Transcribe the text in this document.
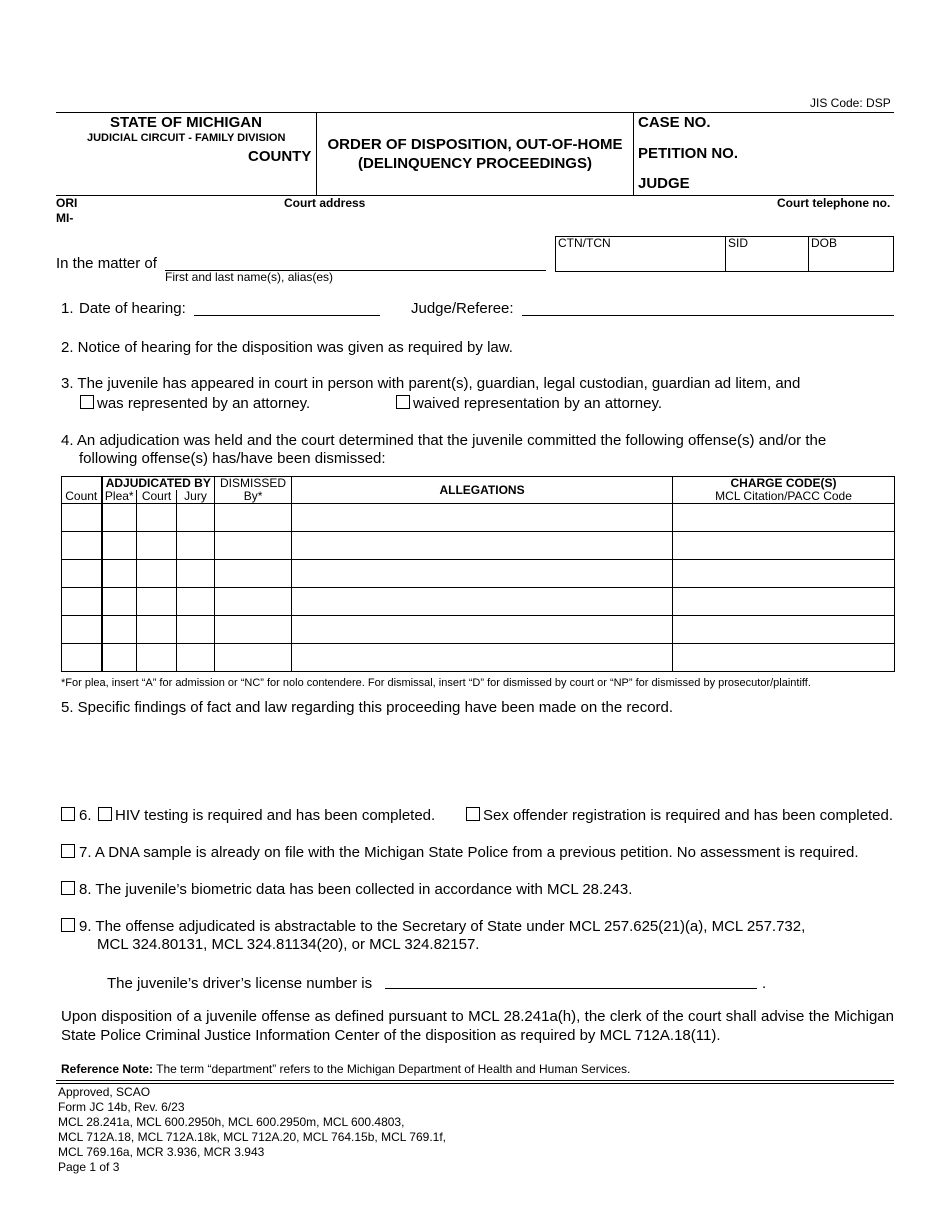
JIS Code: DSP
STATE OF MICHIGAN
JUDICIAL CIRCUIT - FAMILY DIVISION
COUNTY
ORDER OF DISPOSITION, OUT-OF-HOME
(DELINQUENCY PROCEEDINGS)
CASE NO.
PETITION NO.
JUDGE
ORI
MI-
Court address	Court telephone no.
In the matter of
First and last name(s), alias(es)
CTN/TCN	SID	DOB
1. Date of hearing:	Judge/Referee:
2. Notice of hearing for the disposition was given as required by law.
3. The juvenile has appeared in court in person with parent(s), guardian, legal custodian, guardian ad litem, and
was represented by an attorney.	waived representation by an attorney.
4. An adjudication was held and the court determined that the juvenile committed the following offense(s) and/or the
following offense(s) has/have been dismissed:
Count	ADJUDICATED BY			DISMISSED	ALLEGATIONS	CHARGE CODE(S)
	Plea*	Court	Jury	By*		MCL Citation/PACC Code

*For plea, insert “A” for admission or “NC” for nolo contendere. For dismissal, insert “D” for dismissed by court or “NP” for dismissed by prosecutor/plaintiff.
5. Specific findings of fact and law regarding this proceeding have been made on the record.
6. HIV testing is required and has been completed.	Sex offender registration is required and has been completed.
7. A DNA sample is already on file with the Michigan State Police from a previous petition. No assessment is required.
8. The juvenile’s biometric data has been collected in accordance with MCL 28.243.
9. The offense adjudicated is abstractable to the Secretary of State under MCL 257.625(21)(a), MCL 257.732,
MCL 324.80131, MCL 324.81134(20), or MCL 324.82157.
The juvenile’s driver’s license number is	.
Upon disposition of a juvenile offense as defined pursuant to MCL 28.241a(h), the clerk of the court shall advise the Michigan State Police Criminal Justice Information Center of the disposition as required by MCL 712A.18(11).
Reference Note: The term “department” refers to the Michigan Department of Health and Human Services.
Approved, SCAO
Form JC 14b, Rev. 6/23
MCL 28.241a, MCL 600.2950h, MCL 600.2950m, MCL 600.4803,
MCL 712A.18, MCL 712A.18k, MCL 712A.20, MCL 764.15b, MCL 769.1f,
MCL 769.16a, MCR 3.936, MCR 3.943
Page 1 of 3
